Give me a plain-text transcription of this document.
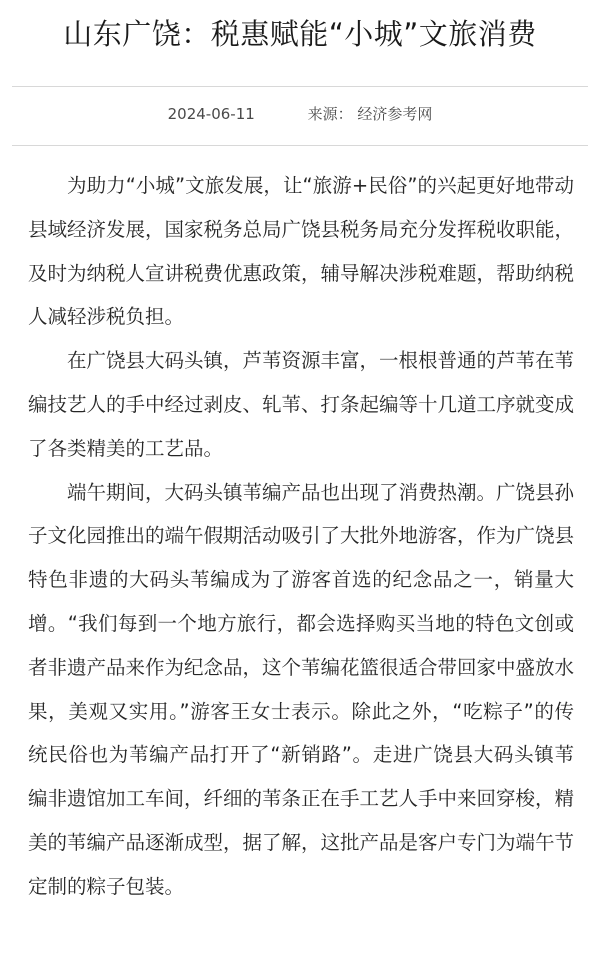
山东广饶：税惠赋能“小城”文旅消费
2024-06-11	来源： 经济参考网

为助力“小城”文旅发展，让“旅游+民俗”的兴起更好地带动县域经济发展，国家税务总局广饶县税务局充分发挥税收职能，及时为纳税人宣讲税费优惠政策，辅导解决涉税难题，帮助纳税人减轻涉税负担。

在广饶县大码头镇，芦苇资源丰富，一根根普通的芦苇在苇编技艺人的手中经过剥皮、轧苇、打条起编等十几道工序就变成了各类精美的工艺品。

端午期间，大码头镇苇编产品也出现了消费热潮。广饶县孙子文化园推出的端午假期活动吸引了大批外地游客，作为广饶县特色非遗的大码头苇编成为了游客首选的纪念品之一，销量大增。“我们每到一个地方旅行，都会选择购买当地的特色文创或者非遗产品来作为纪念品，这个苇编花篮很适合带回家中盛放水果，美观又实用。”游客王女士表示。除此之外，“吃粽子”的传统民俗也为苇编产品打开了“新销路”。走进广饶县大码头镇苇编非遗馆加工车间，纤细的苇条正在手工艺人手中来回穿梭，精美的苇编产品逐渐成型，据了解，这批产品是客户专门为端午节定制的粽子包装。
